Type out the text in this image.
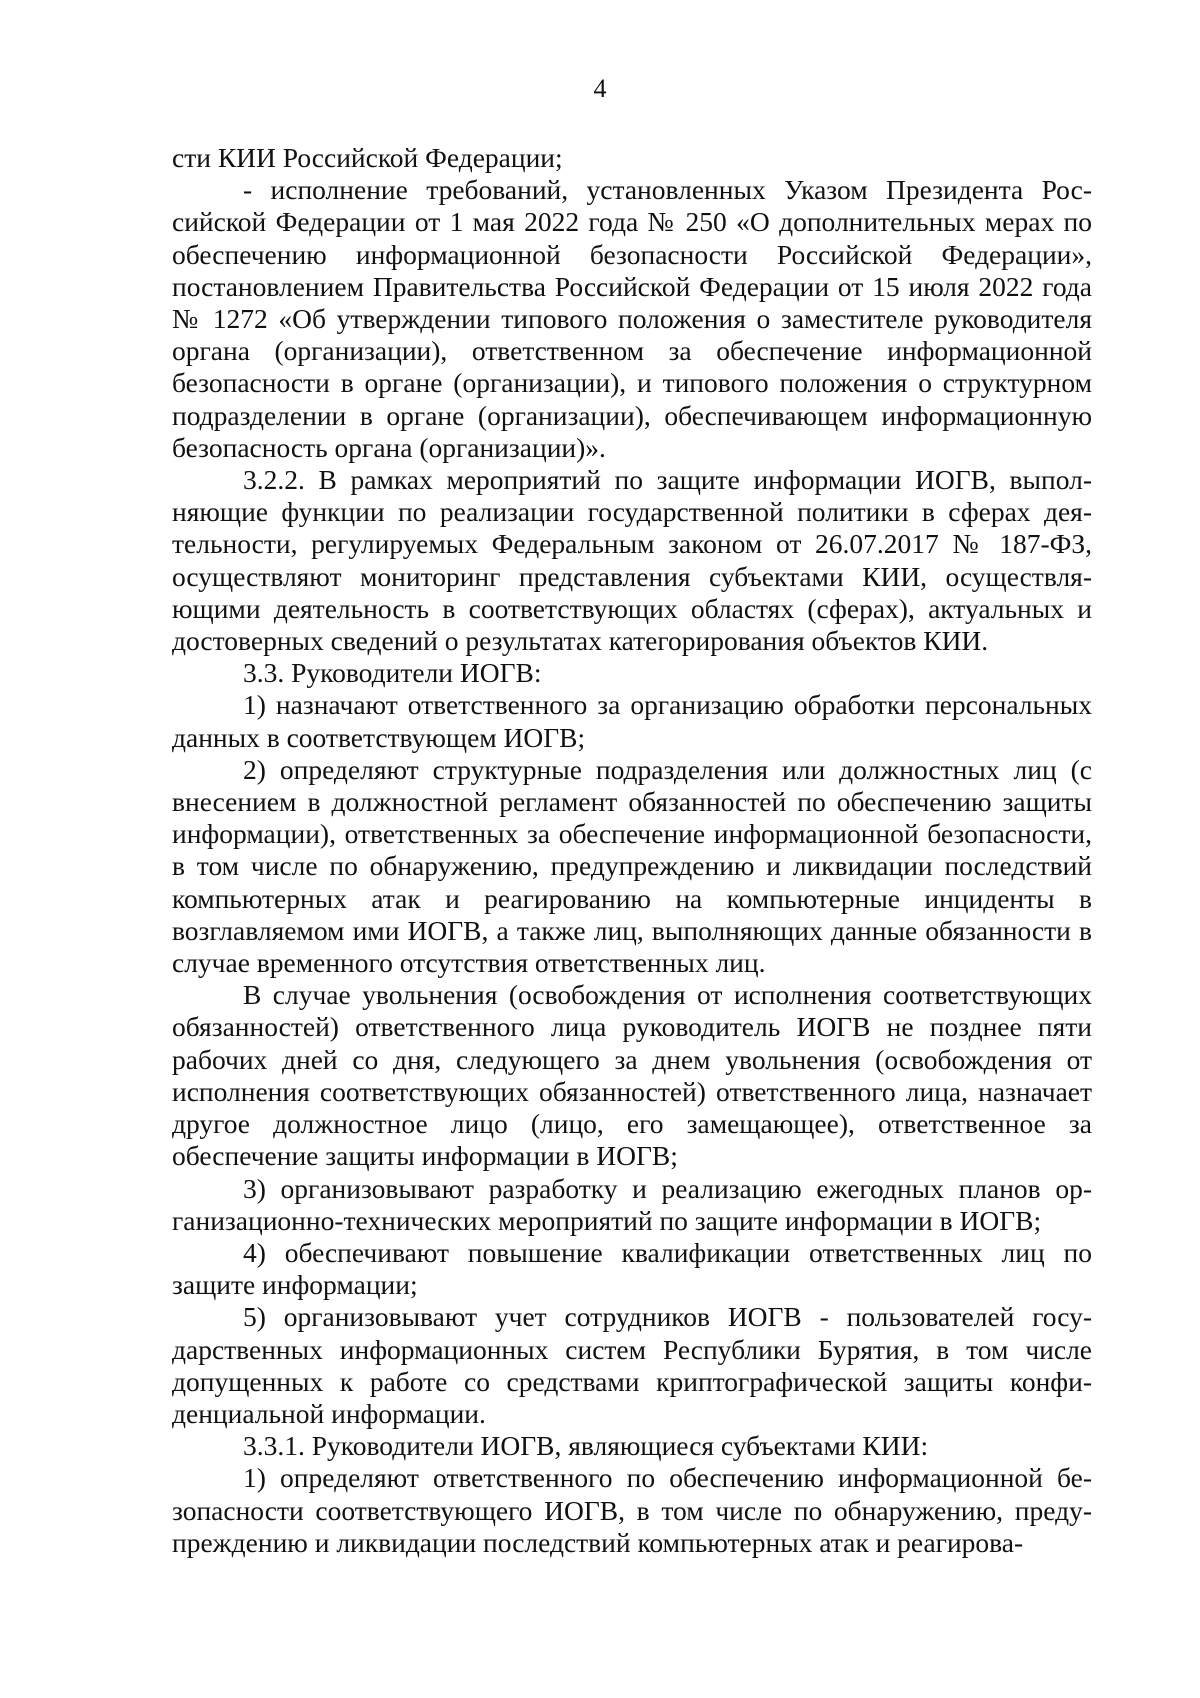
4

сти КИИ Российской Федерации;

- исполнение требований, установленных Указом Президента Российской Федерации от 1 мая 2022 года № 250 «О дополнительных мерах по обеспечению информационной безопасности Российской Федерации», постановлением Правительства Российской Федерации от 15 июля 2022 года № 1272 «Об утверждении типового положения о заместителе руководителя органа (организации), ответственном за обеспечение информационной безопасности в органе (организации), и типового положения о структурном подразделении в органе (организации), обеспечивающем информационную безопасность органа (организации)».

3.2.2. В рамках мероприятий по защите информации ИОГВ, выполняющие функции по реализации государственной политики в сферах деятельности, регулируемых Федеральным законом от 26.07.2017 № 187-ФЗ, осуществляют мониторинг представления субъектами КИИ, осуществляющими деятельность в соответствующих областях (сферах), актуальных и достоверных сведений о результатах категорирования объектов КИИ.

3.3. Руководители ИОГВ:

1) назначают ответственного за организацию обработки персональных данных в соответствующем ИОГВ;

2) определяют структурные подразделения или должностных лиц (с внесением в должностной регламент обязанностей по обеспечению защиты информации), ответственных за обеспечение информационной безопасности, в том числе по обнаружению, предупреждению и ликвидации последствий компьютерных атак и реагированию на компьютерные инциденты в возглавляемом ими ИОГВ, а также лиц, выполняющих данные обязанности в случае временного отсутствия ответственных лиц.

В случае увольнения (освобождения от исполнения соответствующих обязанностей) ответственного лица руководитель ИОГВ не позднее пяти рабочих дней со дня, следующего за днем увольнения (освобождения от исполнения соответствующих обязанностей) ответственного лица, назначает другое должностное лицо (лицо, его замещающее), ответственное за обеспечение защиты информации в ИОГВ;

3) организовывают разработку и реализацию ежегодных планов организационно-технических мероприятий по защите информации в ИОГВ;

4) обеспечивают повышение квалификации ответственных лиц по защите информации;

5) организовывают учет сотрудников ИОГВ - пользователей государственных информационных систем Республики Бурятия, в том числе допущенных к работе со средствами криптографической защиты конфиденциальной информации.

3.3.1. Руководители ИОГВ, являющиеся субъектами КИИ:

1) определяют ответственного по обеспечению информационной безопасности соответствующего ИОГВ, в том числе по обнаружению, предупреждению и ликвидации последствий компьютерных атак и реагирова-
